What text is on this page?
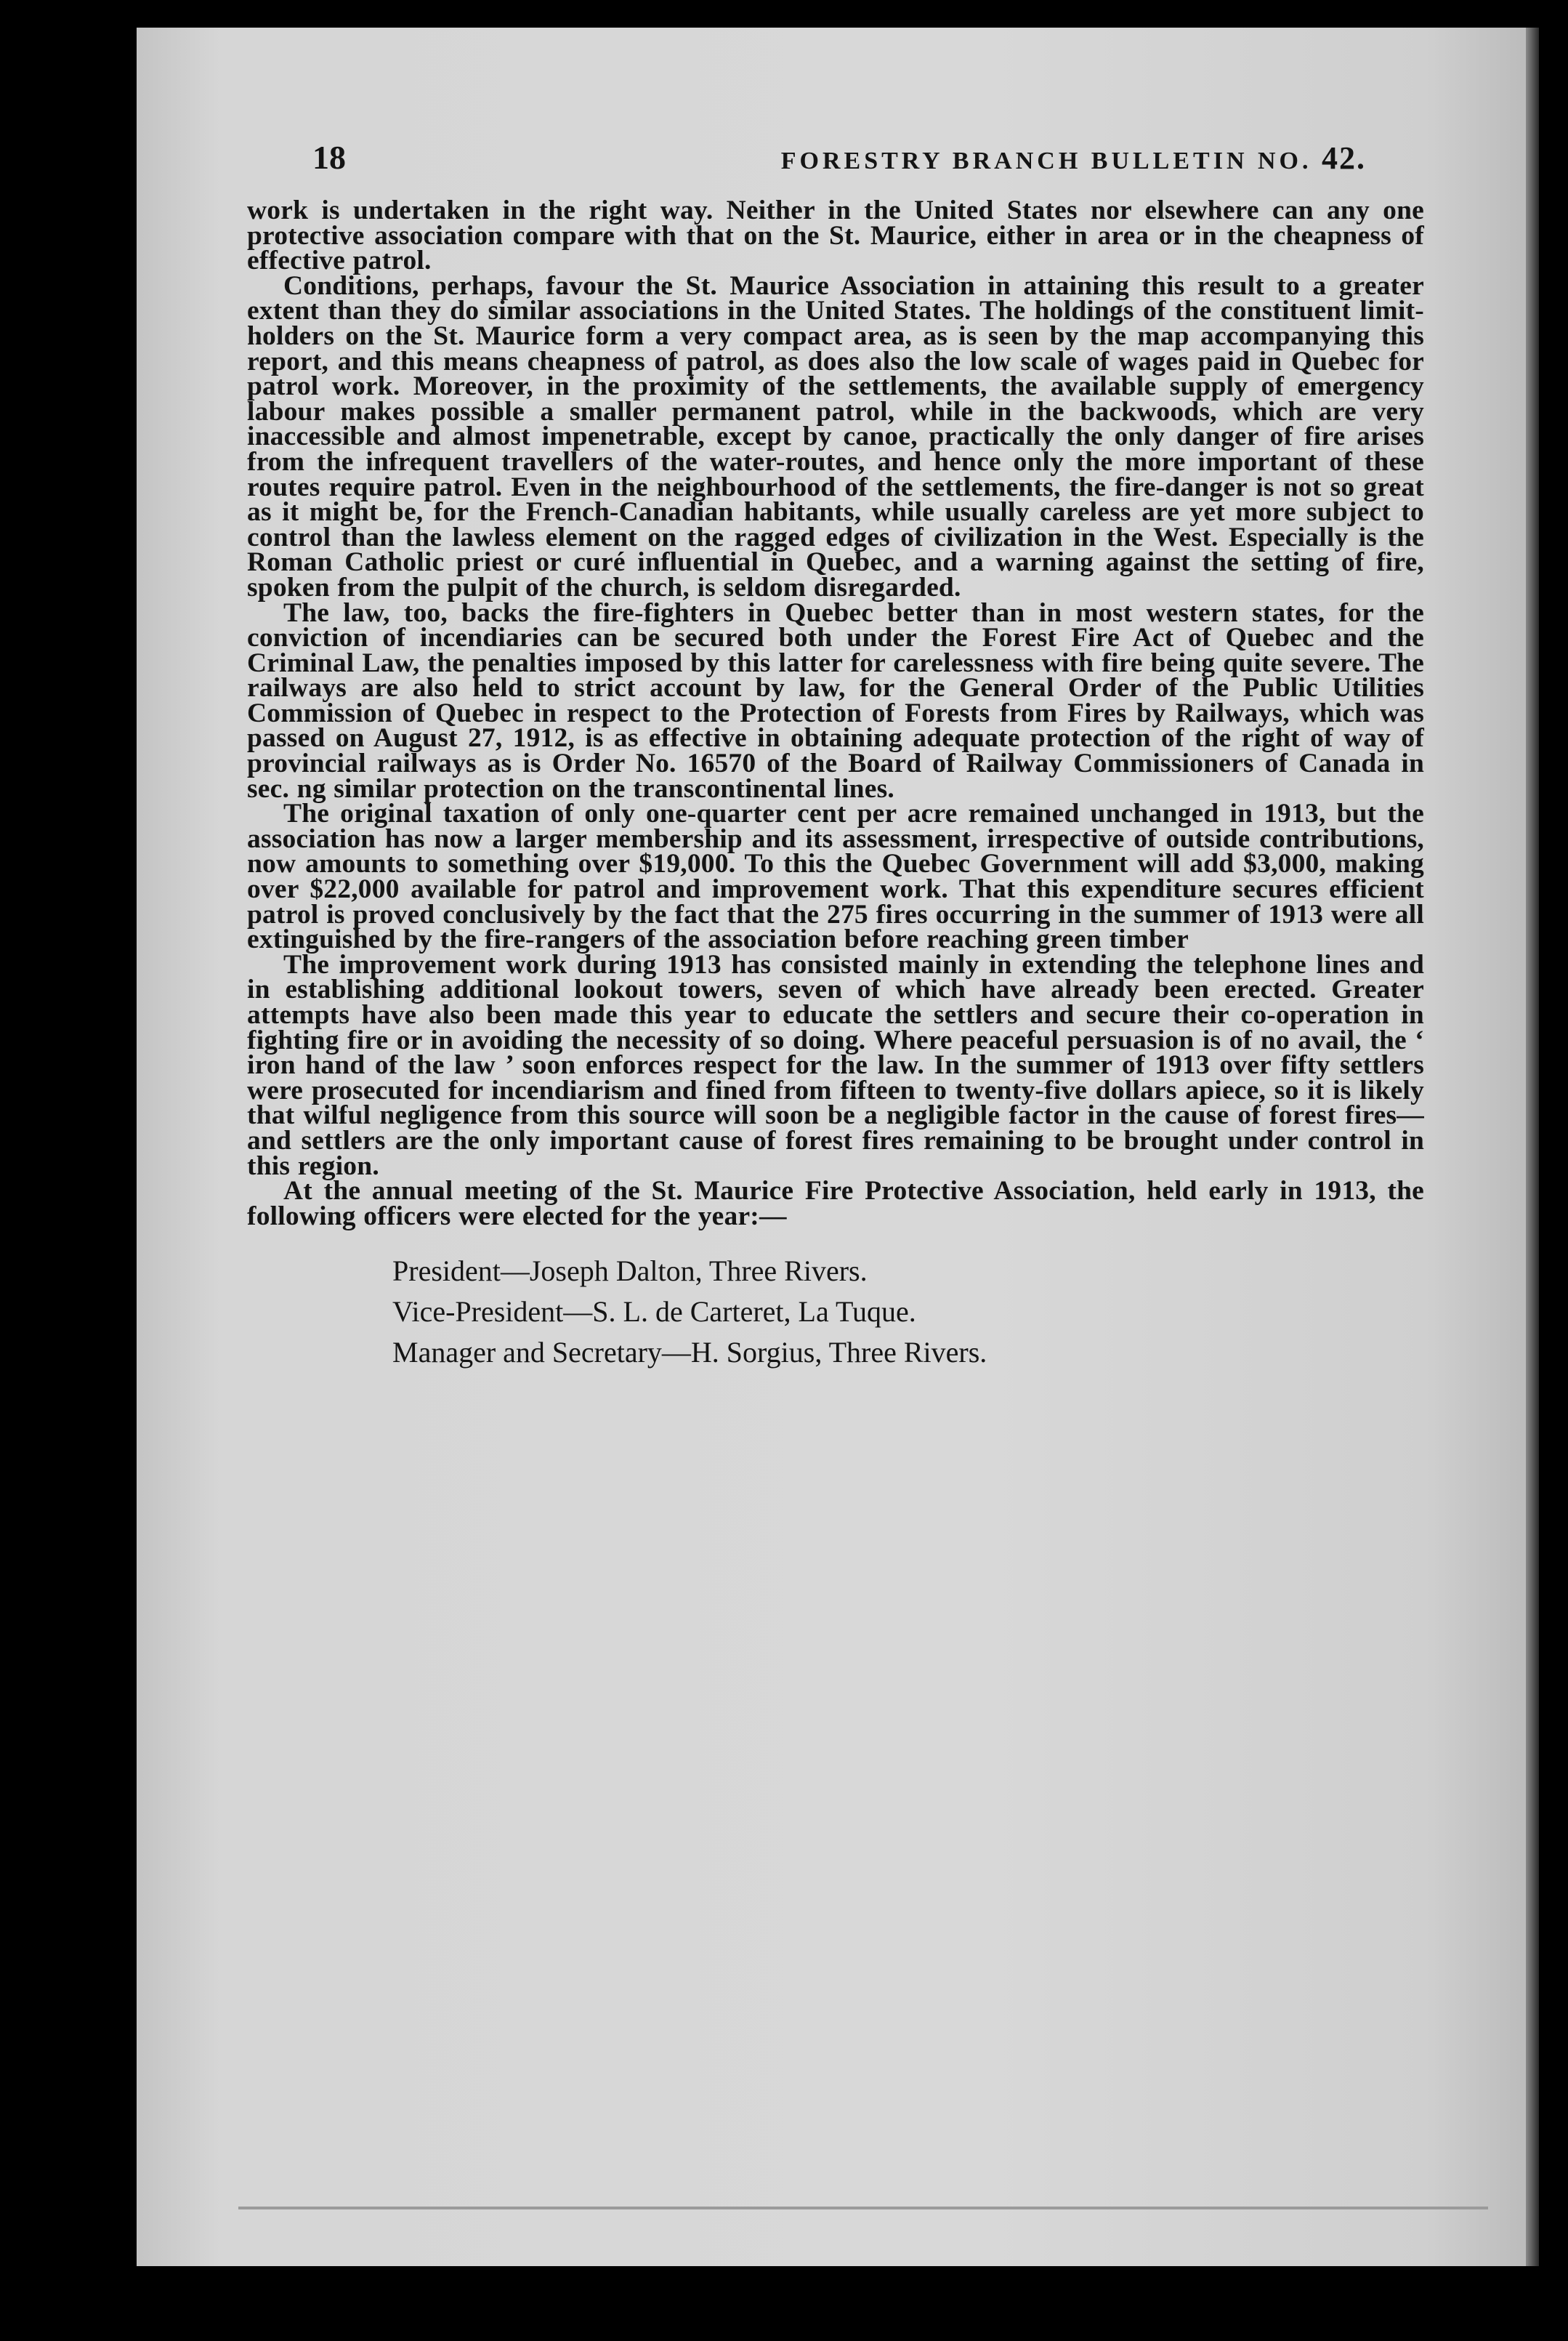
18	FORESTRY BRANCH BULLETIN NO. 42.

work is undertaken in the right way. Neither in the United States nor elsewhere can any one protective association compare with that on the St. Maurice, either in area or in the cheapness of effective patrol.

Conditions, perhaps, favour the St. Maurice Association in attaining this result to a greater extent than they do similar associations in the United States. The holdings of the constituent limit-holders on the St. Maurice form a very compact area, as is seen by the map accompanying this report, and this means cheapness of patrol, as does also the low scale of wages paid in Quebec for patrol work. Moreover, in the proximity of the settlements, the available supply of emergency labour makes possible a smaller permanent patrol, while in the backwoods, which are very inaccessible and almost impenetrable, except by canoe, practically the only danger of fire arises from the infrequent travellers of the water-routes, and hence only the more important of these routes require patrol. Even in the neighbourhood of the settlements, the fire-danger is not so great as it might be, for the French-Canadian habitants, while usually careless are yet more subject to control than the lawless element on the ragged edges of civilization in the West. Especially is the Roman Catholic priest or curé influential in Quebec, and a warning against the setting of fire, spoken from the pulpit of the church, is seldom disregarded.

The law, too, backs the fire-fighters in Quebec better than in most western states, for the conviction of incendiaries can be secured both under the Forest Fire Act of Quebec and the Criminal Law, the penalties imposed by this latter for carelessness with fire being quite severe. The railways are also held to strict account by law, for the General Order of the Public Utilities Commission of Quebec in respect to the Protection of Forests from Fires by Railways, which was passed on August 27, 1912, is as effective in obtaining adequate protection of the right of way of provincial railways as is Order No. 16570 of the Board of Railway Commissioners of Canada in sec. ng similar protection on the transcontinental lines.

The original taxation of only one-quarter cent per acre remained unchanged in 1913, but the association has now a larger membership and its assessment, irrespective of outside contributions, now amounts to something over $19,000. To this the Quebec Government will add $3,000, making over $22,000 available for patrol and improvement work. That this expenditure secures efficient patrol is proved conclusively by the fact that the 275 fires occurring in the summer of 1913 were all extinguished by the fire-rangers of the association before reaching green timber

The improvement work during 1913 has consisted mainly in extending the telephone lines and in establishing additional lookout towers, seven of which have already been erected. Greater attempts have also been made this year to educate the settlers and secure their co-operation in fighting fire or in avoiding the necessity of so doing. Where peaceful persuasion is of no avail, the ‘ iron hand of the law ’ soon enforces respect for the law. In the summer of 1913 over fifty settlers were prosecuted for incendiarism and fined from fifteen to twenty-five dollars apiece, so it is likely that wilful negligence from this source will soon be a negligible factor in the cause of forest fires—and settlers are the only important cause of forest fires remaining to be brought under control in this region.

At the annual meeting of the St. Maurice Fire Protective Association, held early in 1913, the following officers were elected for the year:—

President—Joseph Dalton, Three Rivers.
Vice-President—S. L. de Carteret, La Tuque.
Manager and Secretary—H. Sorgius, Three Rivers.
